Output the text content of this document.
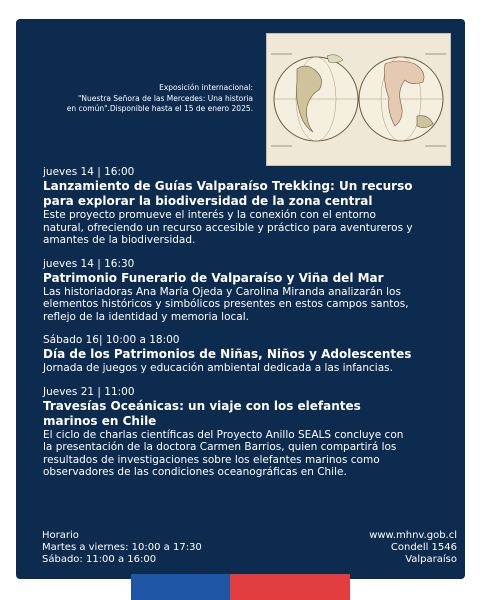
Exposición internacional:
"Nuestra Señora de las Mercedes: Una historia
en común".Disponible hasta el 15 de enero 2025.
jueves 14 | 16:00
Lanzamiento de Guías Valparaíso Trekking: Un recurso para explorar la biodiversidad de la zona central
Este proyecto promueve el interés y la conexión con el entorno natural, ofreciendo un recurso accesible y práctico para aventureros y amantes de la biodiversidad.
jueves 14 | 16:30
Patrimonio Funerario de Valparaíso y Viña del Mar
Las historiadoras Ana María Ojeda y Carolina Miranda analizarán los elementos históricos y simbólicos presentes en estos campos santos, reflejo de la identidad y memoria local.
Sábado 16| 10:00 a 18:00
Día de los Patrimonios de Niñas, Niños y Adolescentes
Jornada de juegos y educación ambiental dedicada a las infancias.
Jueves 21 | 11:00
Travesías Oceánicas: un viaje con los elefantes marinos en Chile
El ciclo de charlas científicas del Proyecto Anillo SEALS concluye con la presentación de la doctora Carmen Barrios, quien compartirá los resultados de investigaciones sobre los elefantes marinos como observadores de las condiciones oceanográficas en Chile.
Horario
Martes a viernes: 10:00 a 17:30
Sábado: 11:00 a 16:00
www.mhnv.gob.cl
Condell 1546
Valparaíso
